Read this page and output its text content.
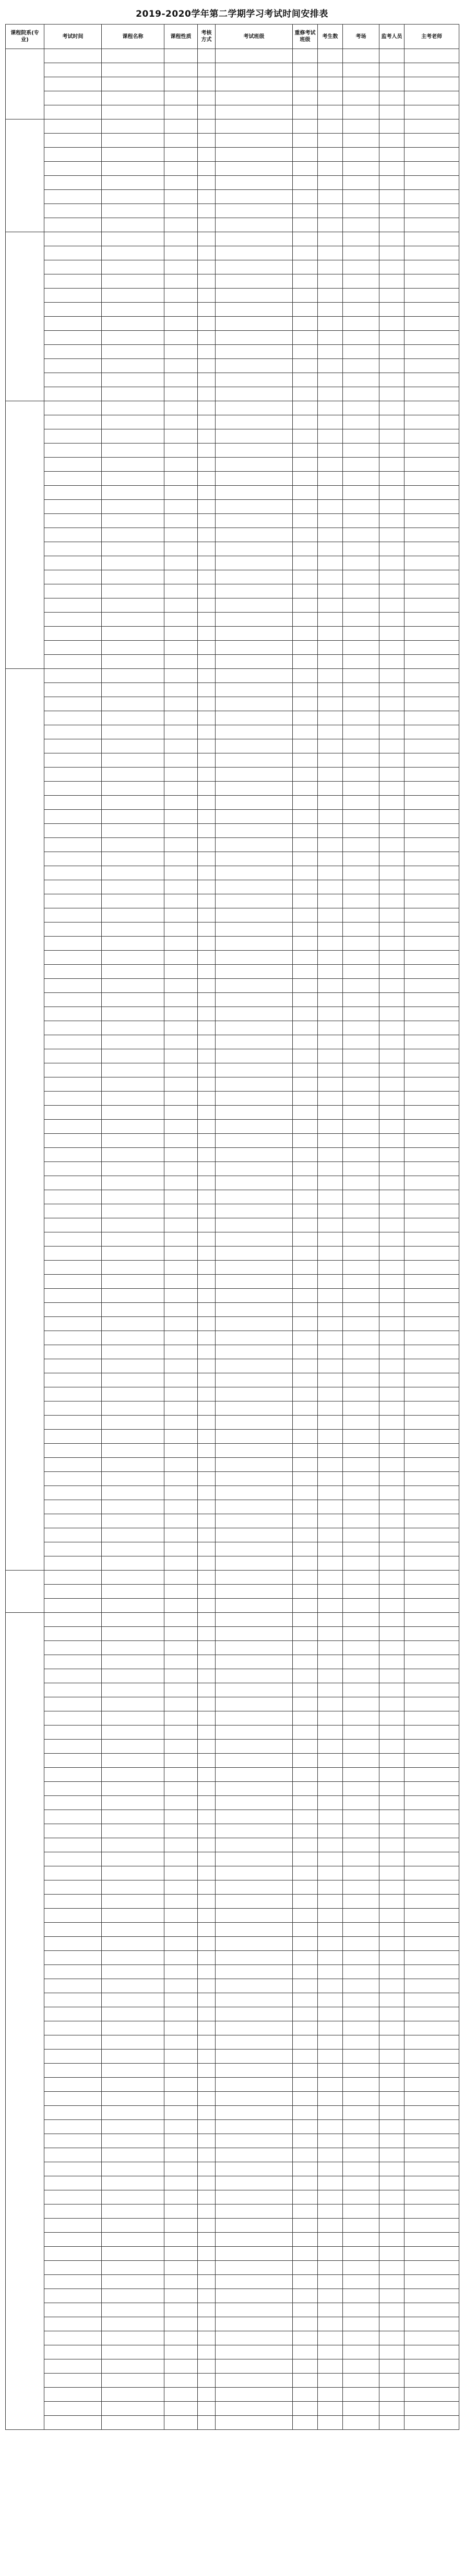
2019-2020学年第二学期学习考试时间安排表
课程院系(专业)	考试时间	课程名称	课程性质	考核方式	考试班级	重修考试班级	考生数	考场	监考人员	主考老师
